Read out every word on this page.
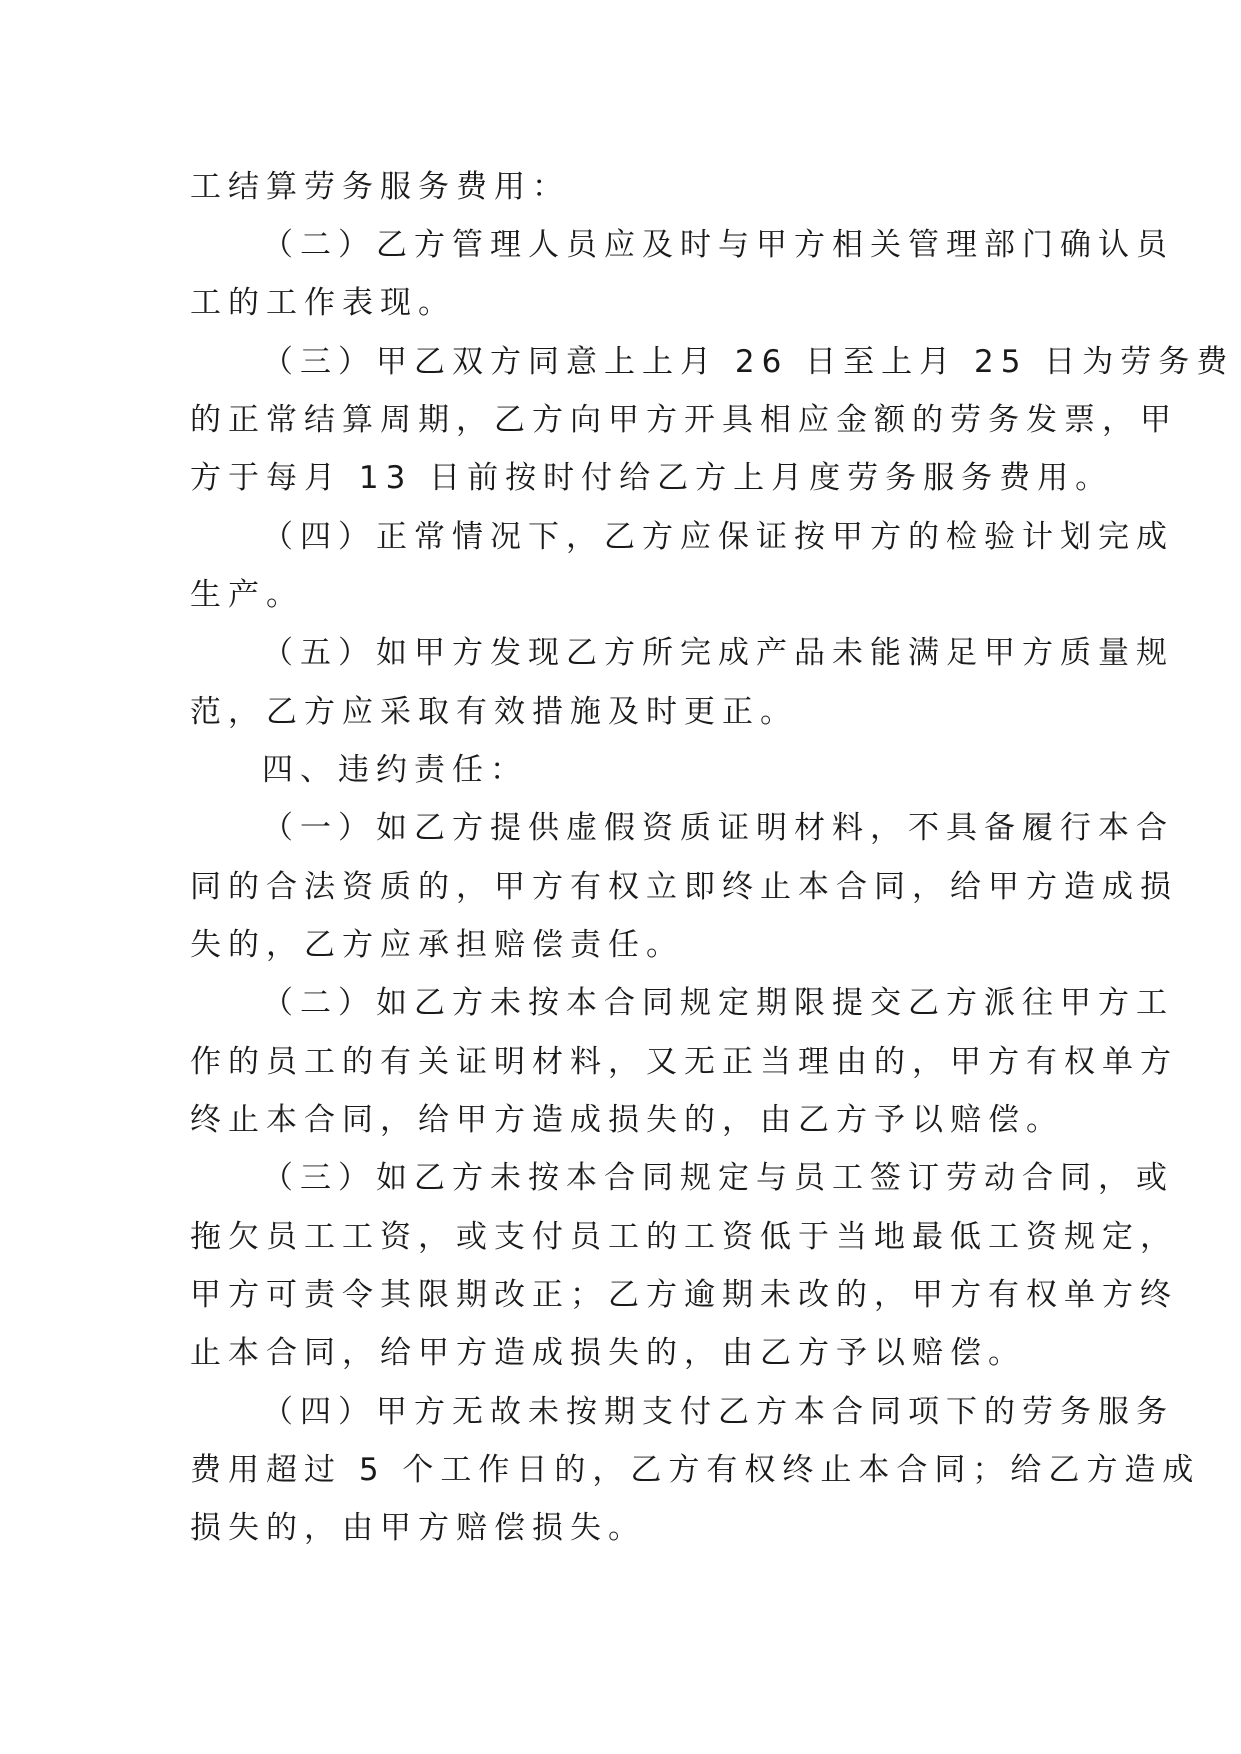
工结算劳务服务费用：
（二）乙方管理人员应及时与甲方相关管理部门确认员
工的工作表现。
（三）甲乙双方同意上上月 26 日至上月 25 日为劳务费
的正常结算周期，乙方向甲方开具相应金额的劳务发票，甲
方于每月 13 日前按时付给乙方上月度劳务服务费用。
（四）正常情况下，乙方应保证按甲方的检验计划完成
生产。
（五）如甲方发现乙方所完成产品未能满足甲方质量规
范，乙方应采取有效措施及时更正。
四、违约责任：
（一）如乙方提供虚假资质证明材料，不具备履行本合
同的合法资质的，甲方有权立即终止本合同，给甲方造成损
失的，乙方应承担赔偿责任。
（二）如乙方未按本合同规定期限提交乙方派往甲方工
作的员工的有关证明材料，又无正当理由的，甲方有权单方
终止本合同，给甲方造成损失的，由乙方予以赔偿。
（三）如乙方未按本合同规定与员工签订劳动合同，或
拖欠员工工资，或支付员工的工资低于当地最低工资规定，
甲方可责令其限期改正；乙方逾期未改的，甲方有权单方终
止本合同，给甲方造成损失的，由乙方予以赔偿。
（四）甲方无故未按期支付乙方本合同项下的劳务服务
费用超过 5 个工作日的，乙方有权终止本合同；给乙方造成
损失的，由甲方赔偿损失。
